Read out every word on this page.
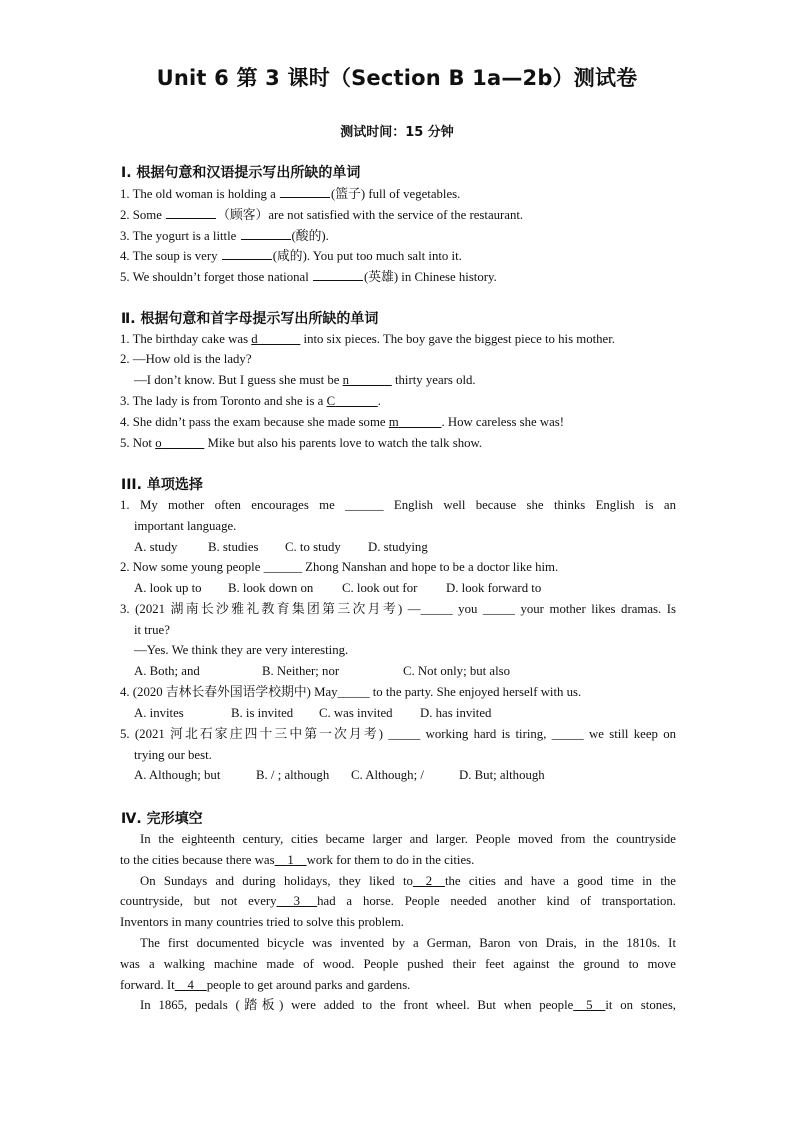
Unit 6 第 3 课时（Section B 1a—2b）测试卷
测试时间：15 分钟
Ⅰ. 根据句意和汉语提示写出所缺的单词
1. The old woman is holding a	(篮子) full of vegetables.
2. Some	（顾客）are not satisfied with the service of the restaurant.
3. The yogurt is a little	(酸的).
4. The soup is very	(咸的). You put too much salt into it.
5. We shouldn’t forget those national	(英雄) in Chinese history.
Ⅱ. 根据句意和首字母提示写出所缺的单词
1. The birthday cake was d          	into six pieces. The boy gave the biggest piece to his mother.
2. —How old is the lady?
—I don’t know. But I guess she must be n          	thirty years old.
3. The lady is from Toronto and she is a C          	.
4. She didn’t pass the exam because she made some m          	. How careless she was!
5. Not o          	Mike but also his parents love to watch the talk show.
III. 单项选择
1. My mother often encourages me ______ English well because she thinks English is an
important language.
A. study B. studies C. to study D. studying
2. Now some young people ______ Zhong Nanshan and hope to be a doctor like him.
A. look up to B. look down on C. look out for D. look forward to
3. (2021 湖南长沙雅礼教育集团第三次月考) —_____ you _____ your mother likes dramas. Is
it true?
—Yes. We think they are very interesting.
A. Both; and	B. Neither; nor	C. Not only; but also
4. (2020 吉林长春外国语学校期中) May_____ to the party. She enjoyed herself with us.
A. invites	B. is invited C. was invited D. has invited
5. (2021 河北石家庄四十三中第一次月考) _____ working hard is tiring, _____ we still keep on
trying our best.
A. Although; but	B. / ; although C. Although; /	D. But; although
Ⅳ. 完形填空
In the eighteenth century, cities became larger and larger. People moved from the countryside
to the cities because there was    1    work for them to do in the cities.
On Sundays and during holidays, they liked to    2    the cities and have a good time in the
countryside, but not every     3     had a horse. People needed another kind of transportation.
Inventors in many countries tried to solve this problem.
The first documented bicycle was invented by a German, Baron von Drais, in the 1810s. It
was a walking machine made of wood. People pushed their feet against the ground to move
forward. It    4    people to get around parks and gardens.
In 1865, pedals (踏板) were added to the front wheel. But when people    5    it on stones,
